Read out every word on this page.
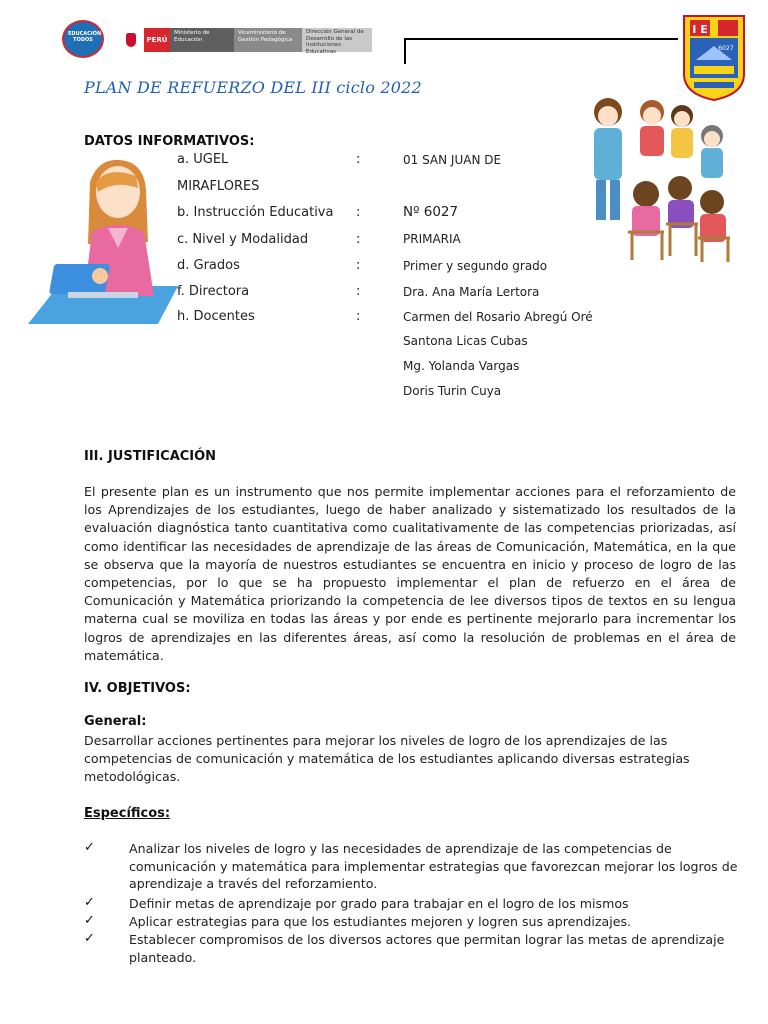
EDUCACIÓN TODOS	PERÚ
Ministerio de Educación
Viceministerio de Gestión Pedagógica
Dirección General de Desarrollo de las Instituciones Educativas
I E
6027
PLAN DE REFUERZO DEL III ciclo 2022
DATOS INFORMATIVOS:
a. UGEL	:	01 SAN JUAN DE
MIRAFLORES
b. Instrucción Educativa :	Nº 6027
c. Nivel y Modalidad	:	PRIMARIA
d. Grados	:	Primer y segundo grado
f. Directora	:	Dra. Ana María Lertora
h. Docentes	:	Carmen del Rosario Abregú Oré
Santona Licas Cubas
Mg. Yolanda Vargas
Doris Turin Cuya
III. JUSTIFICACIÓN
El presente plan es un instrumento que nos permite implementar acciones para el reforzamiento de los Aprendizajes de los estudiantes, luego de haber analizado y sistematizado los resultados de la evaluación diagnóstica tanto cuantitativa como cualitativamente de las competencias priorizadas, así como identificar las necesidades de aprendizaje de las áreas de Comunicación, Matemática, en la que se observa que la mayoría de nuestros estudiantes se encuentra en inicio y proceso de logro de las competencias, por lo que se ha propuesto implementar el plan de refuerzo en el área de Comunicación y Matemática priorizando la competencia de lee diversos tipos de textos en su lengua materna cual se moviliza en todas las áreas y por ende es pertinente mejorarlo para incrementar los logros de aprendizajes en las diferentes áreas, así como la resolución de problemas en el área de matemática.
IV. OBJETIVOS:
General:
Desarrollar acciones pertinentes para mejorar los niveles de logro de los aprendizajes de las competencias de comunicación y matemática de los estudiantes aplicando diversas estrategias metodológicas.
Específicos:
✓	Analizar los niveles de logro y las necesidades de aprendizaje de las competencias de comunicación y matemática para implementar estrategias que favorezcan mejorar los logros de aprendizaje a través del reforzamiento.
✓	Definir metas de aprendizaje por grado para trabajar en el logro de los mismos
✓	Aplicar estrategias para que los estudiantes mejoren y logren sus aprendizajes.
✓	Establecer compromisos de los diversos actores que permitan lograr las metas de aprendizaje planteado.
